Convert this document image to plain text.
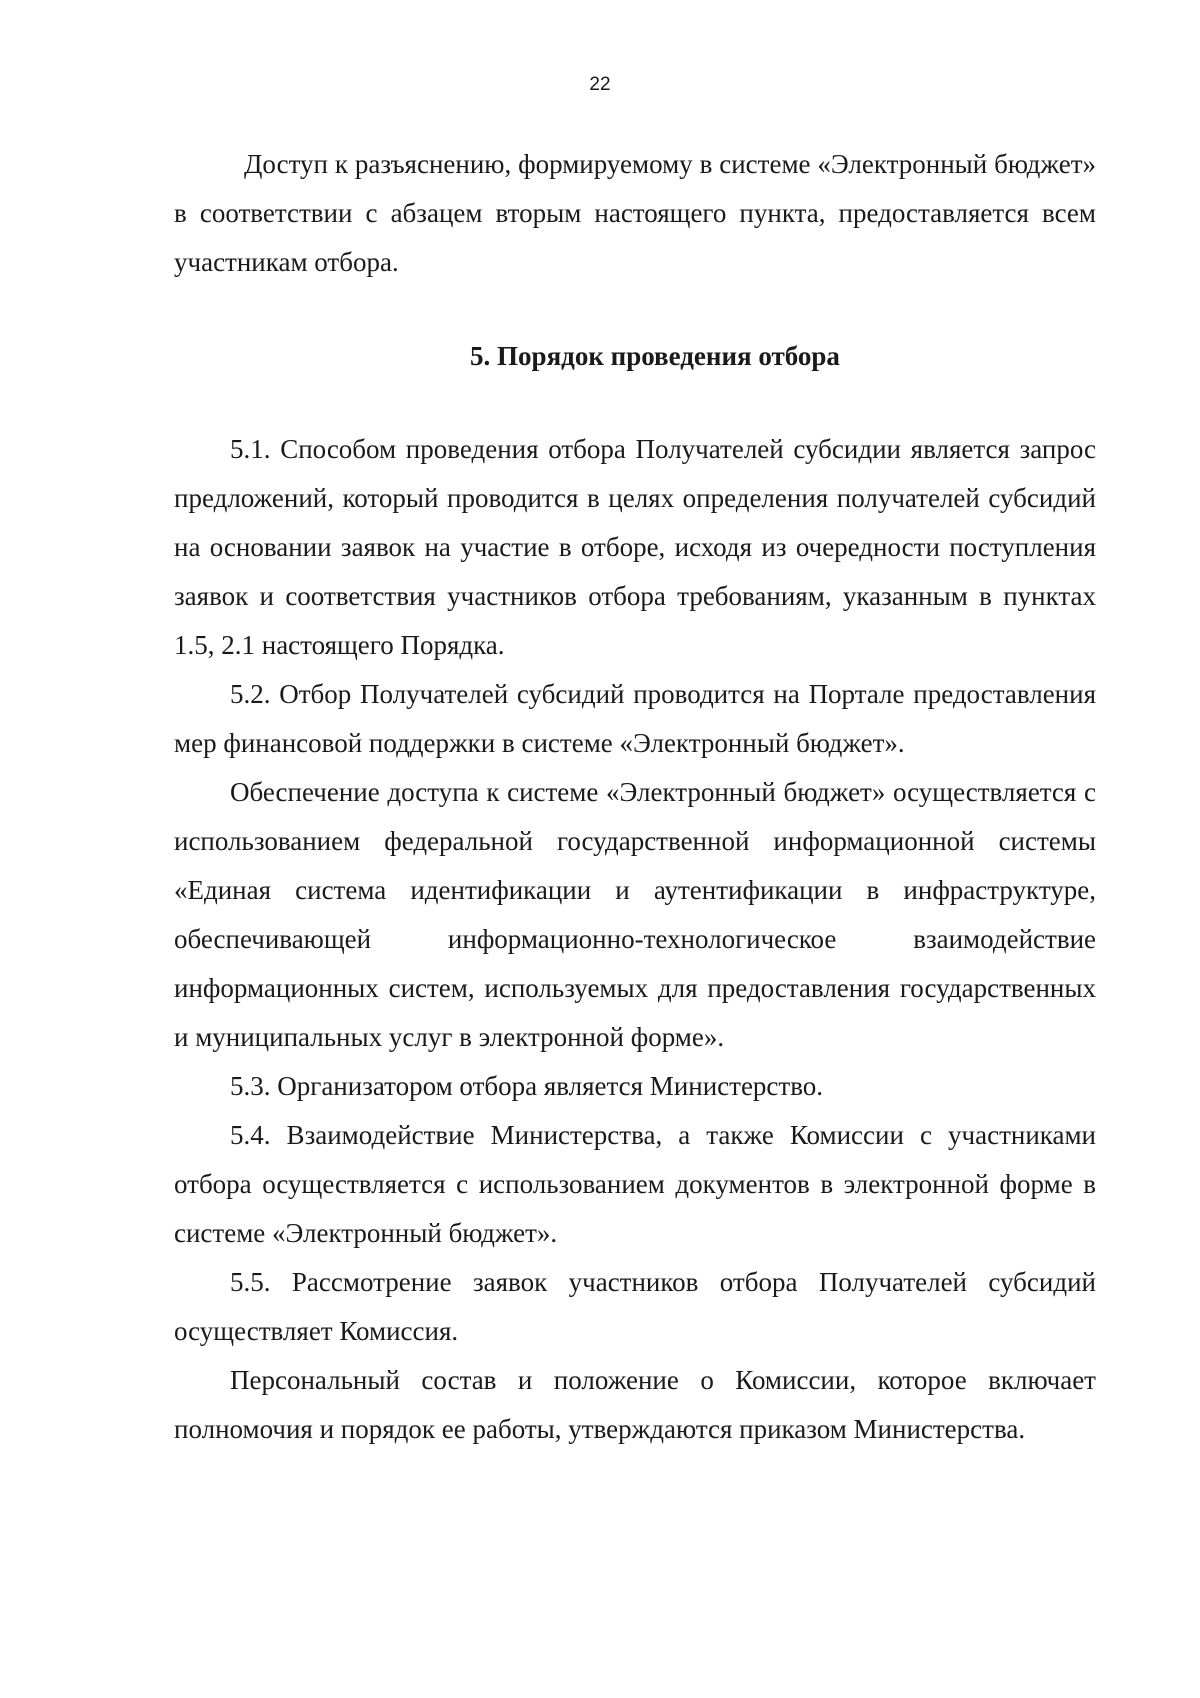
22

Доступ к разъяснению, формируемому в системе «Электронный бюджет» в соответствии с абзацем вторым настоящего пункта, предоставляется всем участникам отбора.

5. Порядок проведения отбора

5.1. Способом проведения отбора Получателей субсидии является запрос предложений, который проводится в целях определения получателей субсидий на основании заявок на участие в отборе, исходя из очередности поступления заявок и соответствия участников отбора требованиям, указанным в пунктах 1.5, 2.1 настоящего Порядка.

5.2. Отбор Получателей субсидий проводится на Портале предоставления мер финансовой поддержки в системе «Электронный бюджет».

Обеспечение доступа к системе «Электронный бюджет» осуществляется с использованием федеральной государственной информационной системы «Единая система идентификации и аутентификации в инфраструктуре, обеспечивающей информационно-технологическое взаимодействие информационных систем, используемых для предоставления государственных и муниципальных услуг в электронной форме».

5.3. Организатором отбора является Министерство.

5.4. Взаимодействие Министерства, а также Комиссии с участниками отбора осуществляется с использованием документов в электронной форме в системе «Электронный бюджет».

5.5. Рассмотрение заявок участников отбора Получателей субсидий осуществляет Комиссия.

Персональный состав и положение о Комиссии, которое включает полномочия и порядок ее работы, утверждаются приказом Министерства.
